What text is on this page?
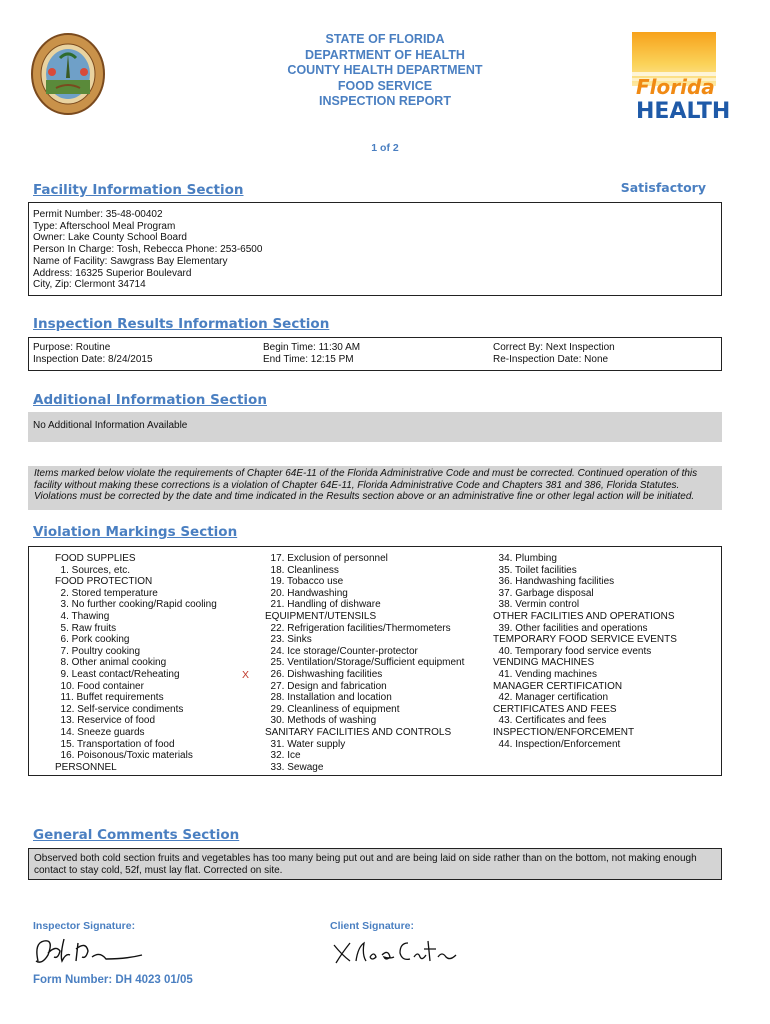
STATE OF FLORIDA
DEPARTMENT OF HEALTH
COUNTY HEALTH DEPARTMENT
FOOD SERVICE
INSPECTION REPORT
Florida
HEALTH
1 of 2
Facility Information Section	Satisfactory
Permit Number: 35-48-00402
Type: Afterschool Meal Program
Owner: Lake County School Board
Person In Charge: Tosh, Rebecca Phone: 253-6500
Name of Facility: Sawgrass Bay Elementary
Address: 16325 Superior Boulevard
City, Zip: Clermont 34714
Inspection Results Information Section
Purpose: Routine
Inspection Date: 8/24/2015
Begin Time: 11:30 AM
End Time: 12:15 PM
Correct By: Next Inspection
Re-Inspection Date: None
Additional Information Section
No Additional Information Available
Items marked below violate the requirements of Chapter 64E-11 of the Florida Administrative Code and must be corrected. Continued operation of this
facility without making these corrections is a violation of Chapter 64E-11, Florida Administrative Code and Chapters 381 and 386, Florida Statutes.
Violations must be corrected by the date and time indicated in the Results section above or an administrative fine or other legal action will be initiated.
Violation Markings Section
FOOD SUPPLIES
1. Sources, etc.
FOOD PROTECTION
2. Stored temperature
3. No further cooking/Rapid cooling
4. Thawing
5. Raw fruits
6. Pork cooking
7. Poultry cooking
8. Other animal cooking
9. Least contact/Reheating
10. Food container
11. Buffet requirements
12. Self-service condiments
13. Reservice of food
14. Sneeze guards
15. Transportation of food
16. Poisonous/Toxic materials
PERSONNEL
17. Exclusion of personnel
18. Cleanliness
19. Tobacco use
20. Handwashing
21. Handling of dishware
EQUIPMENT/UTENSILS
22. Refrigeration facilities/Thermometers
23. Sinks
24. Ice storage/Counter-protector
25. Ventilation/Storage/Sufficient equipment
26. Dishwashing facilities
27. Design and fabrication
28. Installation and location
29. Cleanliness of equipment
30. Methods of washing
SANITARY FACILITIES AND CONTROLS
31. Water supply
32. Ice
33. Sewage
34. Plumbing
35. Toilet facilities
36. Handwashing facilities
37. Garbage disposal
38. Vermin control
OTHER FACILITIES AND OPERATIONS
39. Other facilities and operations
TEMPORARY FOOD SERVICE EVENTS
40. Temporary food service events
VENDING MACHINES
41. Vending machines
MANAGER CERTIFICATION
42. Manager certification
CERTIFICATES AND FEES
43. Certificates and fees
INSPECTION/ENFORCEMENT
44. Inspection/Enforcement
X
General Comments Section
Observed both cold section fruits and vegetables has too many being put out and are being laid on side rather than on the bottom, not making enough
contact to stay cold, 52f, must lay flat. Corrected on site.
Inspector Signature:	Client Signature:
Form Number: DH 4023 01/05
